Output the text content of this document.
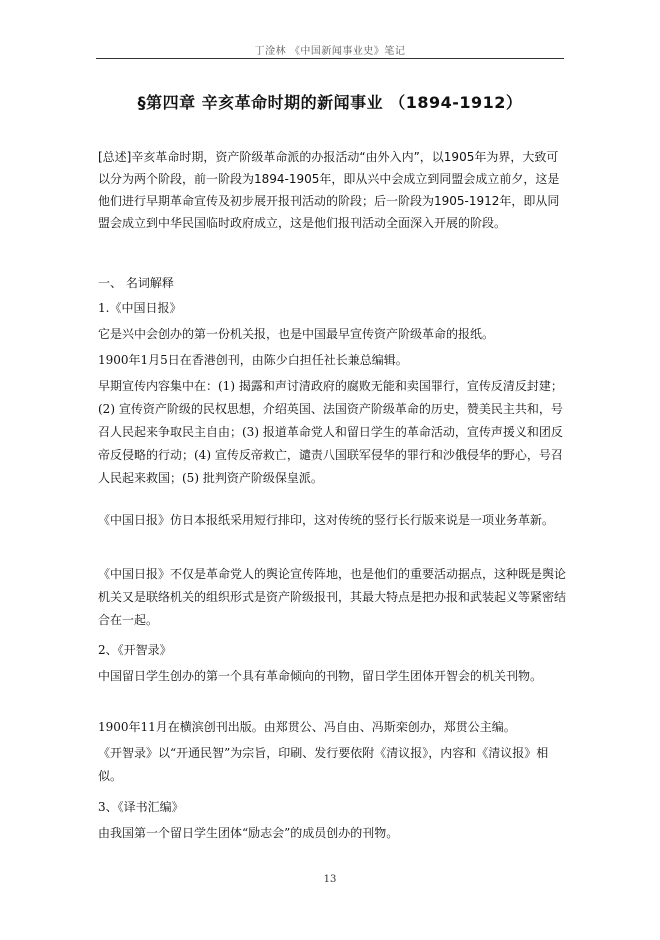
丁淦林 《中国新闻事业史》笔记
§第四章 辛亥革命时期的新闻事业 （1894-1912）

[总述]辛亥革命时期，资产阶级革命派的办报活动“由外入内”，以1905年为界，大致可以分为两个阶段，前一阶段为1894-1905年，即从兴中会成立到同盟会成立前夕，这是他们进行早期革命宣传及初步展开报刊活动的阶段；后一阶段为1905-1912年，即从同盟会成立到中华民国临时政府成立，这是他们报刊活动全面深入开展的阶段。

一、 名词解释

1.《中国日报》

它是兴中会创办的第一份机关报，也是中国最早宣传资产阶级革命的报纸。

1900年1月5日在香港创刊，由陈少白担任社长兼总编辑。

早期宣传内容集中在：(1) 揭露和声讨清政府的腐败无能和卖国罪行，宣传反清反封建；(2) 宣传资产阶级的民权思想，介绍英国、法国资产阶级革命的历史，赞美民主共和，号召人民起来争取民主自由；(3) 报道革命党人和留日学生的革命活动，宣传声援义和团反帝反侵略的行动；(4) 宣传反帝救亡，谴责八国联军侵华的罪行和沙俄侵华的野心，号召人民起来救国；(5) 批判资产阶级保皇派。

《中国日报》仿日本报纸采用短行排印，这对传统的竖行长行版来说是一项业务革新。

《中国日报》不仅是革命党人的舆论宣传阵地，也是他们的重要活动据点，这种既是舆论机关又是联络机关的组织形式是资产阶级报刊，其最大特点是把办报和武装起义等紧密结合在一起。

2、《开智录》

中国留日学生创办的第一个具有革命倾向的刊物，留日学生团体开智会的机关刊物。

1900年11月在横滨创刊出版。由郑贯公、冯自由、冯斯栾创办，郑贯公主编。

《开智录》以“开通民智”为宗旨，印刷、发行要依附《清议报》，内容和《清议报》相似。

3、《译书汇编》

由我国第一个留日学生团体“励志会”的成员创办的刊物。

13
